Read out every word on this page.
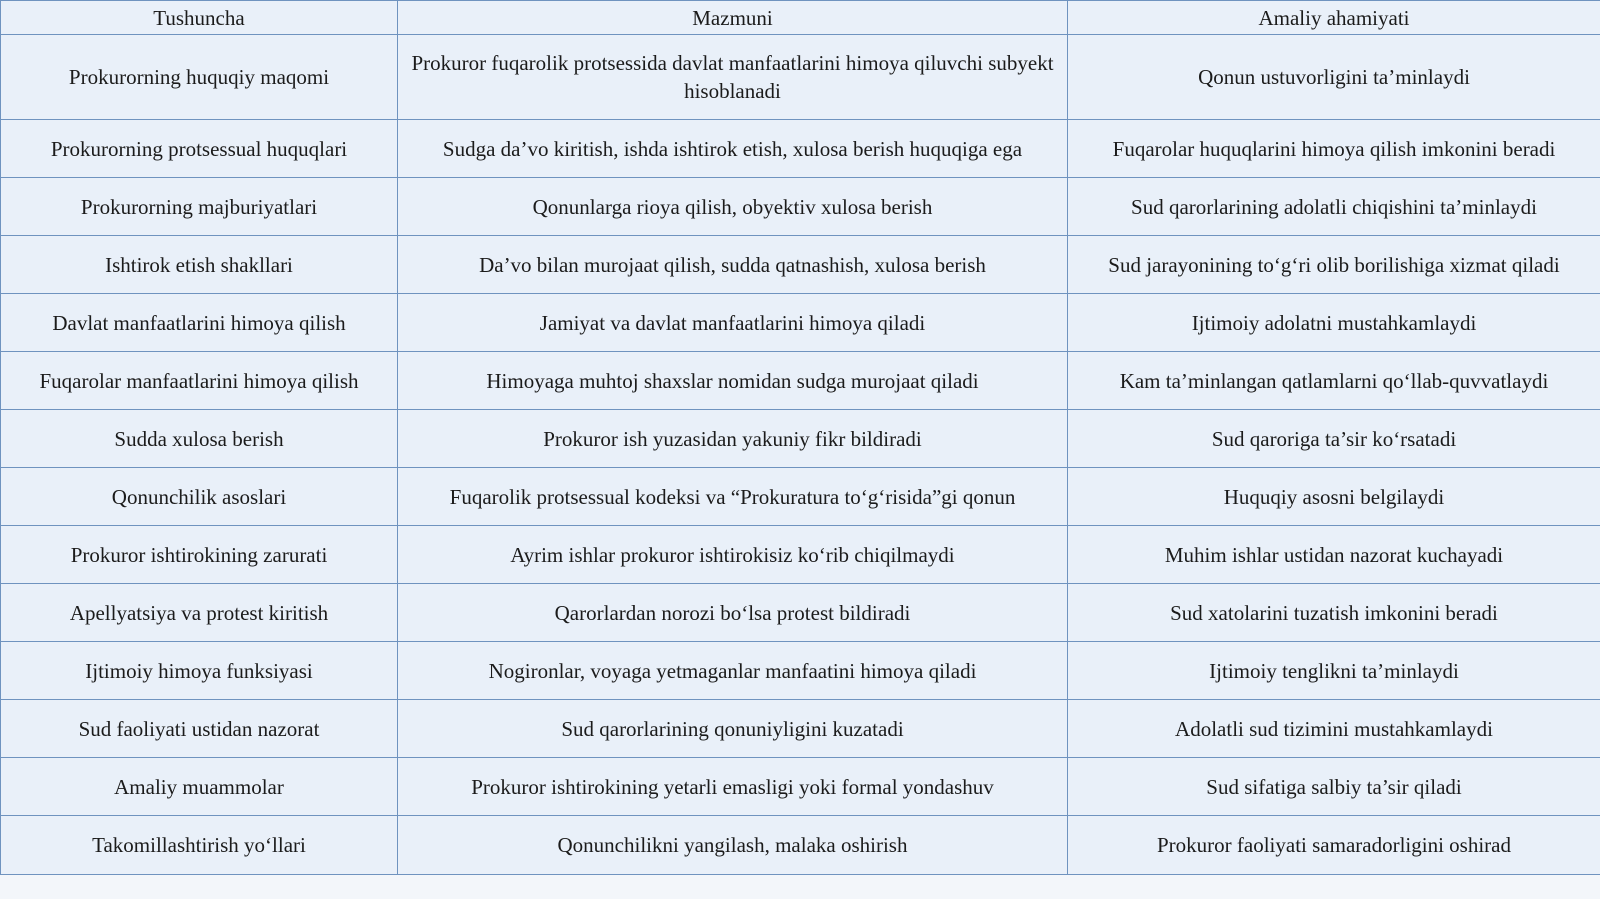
Tushuncha	Mazmuni	Amaliy ahamiyati
Prokurorning huquqiy maqomi	Prokuror fuqarolik protsessida davlat manfaatlarini himoya qiluvchi subyekt hisoblanadi	Qonun ustuvorligini ta’minlaydi
Prokurorning protsessual huquqlari	Sudga da’vo kiritish, ishda ishtirok etish, xulosa berish huquqiga ega	Fuqarolar huquqlarini himoya qilish imkonini beradi
Prokurorning majburiyatlari	Qonunlarga rioya qilish, obyektiv xulosa berish	Sud qarorlarining adolatli chiqishini ta’minlaydi
Ishtirok etish shakllari	Da’vo bilan murojaat qilish, sudda qatnashish, xulosa berish	Sud jarayonining to‘g‘ri olib borilishiga xizmat qiladi
Davlat manfaatlarini himoya qilish	Jamiyat va davlat manfaatlarini himoya qiladi	Ijtimoiy adolatni mustahkamlaydi
Fuqarolar manfaatlarini himoya qilish	Himoyaga muhtoj shaxslar nomidan sudga murojaat qiladi	Kam ta’minlangan qatlamlarni qo‘llab-quvvatlaydi
Sudda xulosa berish	Prokuror ish yuzasidan yakuniy fikr bildiradi	Sud qaroriga ta’sir ko‘rsatadi
Qonunchilik asoslari	Fuqarolik protsessual kodeksi va “Prokuratura to‘g‘risida”gi qonun	Huquqiy asosni belgilaydi
Prokuror ishtirokining zarurati	Ayrim ishlar prokuror ishtirokisiz ko‘rib chiqilmaydi	Muhim ishlar ustidan nazorat kuchayadi
Apellyatsiya va protest kiritish	Qarorlardan norozi bo‘lsa protest bildiradi	Sud xatolarini tuzatish imkonini beradi
Ijtimoiy himoya funksiyasi	Nogironlar, voyaga yetmaganlar manfaatini himoya qiladi	Ijtimoiy tenglikni ta’minlaydi
Sud faoliyati ustidan nazorat	Sud qarorlarining qonuniyligini kuzatadi	Adolatli sud tizimini mustahkamlaydi
Amaliy muammolar	Prokuror ishtirokining yetarli emasligi yoki formal yondashuv	Sud sifatiga salbiy ta’sir qiladi
Takomillashtirish yo‘llari	Qonunchilikni yangilash, malaka oshirish	Prokuror faoliyati samaradorligini oshirad
